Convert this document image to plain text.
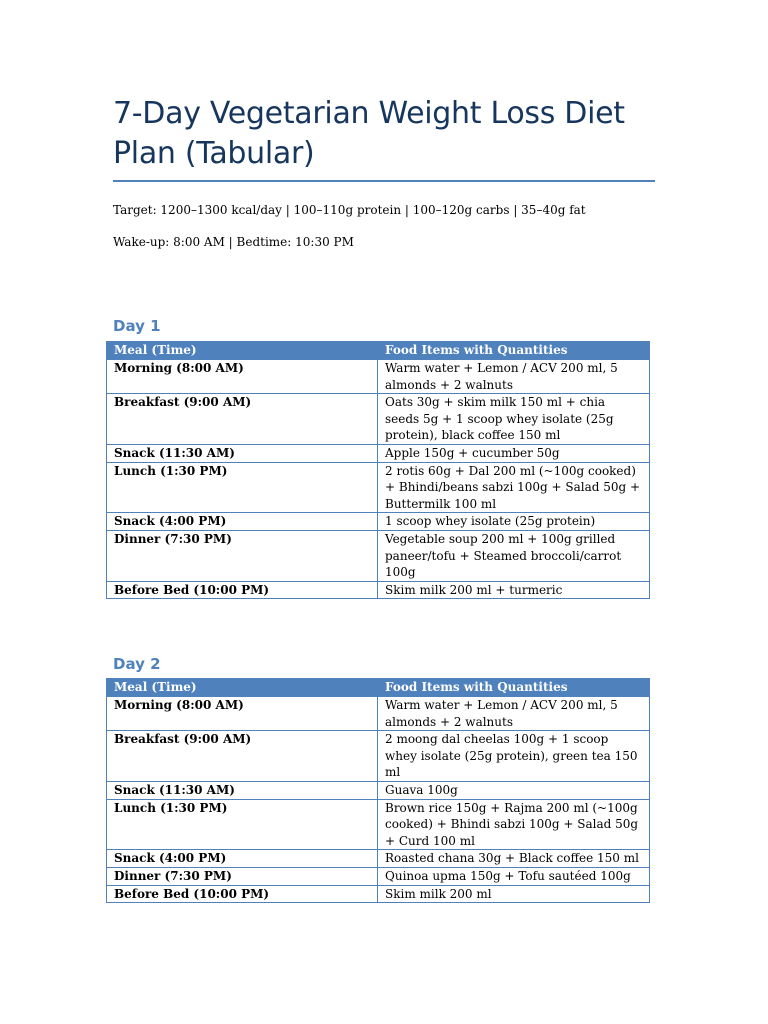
7-Day Vegetarian Weight Loss Diet Plan (Tabular)
Target: 1200–1300 kcal/day | 100–110g protein | 100–120g carbs | 35–40g fat
Wake-up: 8:00 AM | Bedtime: 10:30 PM
Day 1
Meal (Time)	Food Items with Quantities
Morning (8:00 AM)	Warm water + Lemon / ACV 200 ml, 5 almonds + 2 walnuts
Breakfast (9:00 AM)	Oats 30g + skim milk 150 ml + chia seeds 5g + 1 scoop whey isolate (25g protein), black coffee 150 ml
Snack (11:30 AM)	Apple 150g + cucumber 50g
Lunch (1:30 PM)	2 rotis 60g + Dal 200 ml (~100g cooked) + Bhindi/beans sabzi 100g + Salad 50g + Buttermilk 100 ml
Snack (4:00 PM)	1 scoop whey isolate (25g protein)
Dinner (7:30 PM)	Vegetable soup 200 ml + 100g grilled paneer/tofu + Steamed broccoli/carrot 100g
Before Bed (10:00 PM)	Skim milk 200 ml + turmeric
Day 2
Meal (Time)	Food Items with Quantities
Morning (8:00 AM)	Warm water + Lemon / ACV 200 ml, 5 almonds + 2 walnuts
Breakfast (9:00 AM)	2 moong dal cheelas 100g + 1 scoop whey isolate (25g protein), green tea 150 ml
Snack (11:30 AM)	Guava 100g
Lunch (1:30 PM)	Brown rice 150g + Rajma 200 ml (~100g cooked) + Bhindi sabzi 100g + Salad 50g + Curd 100 ml
Snack (4:00 PM)	Roasted chana 30g + Black coffee 150 ml
Dinner (7:30 PM)	Quinoa upma 150g + Tofu sautéed 100g
Before Bed (10:00 PM)	Skim milk 200 ml
